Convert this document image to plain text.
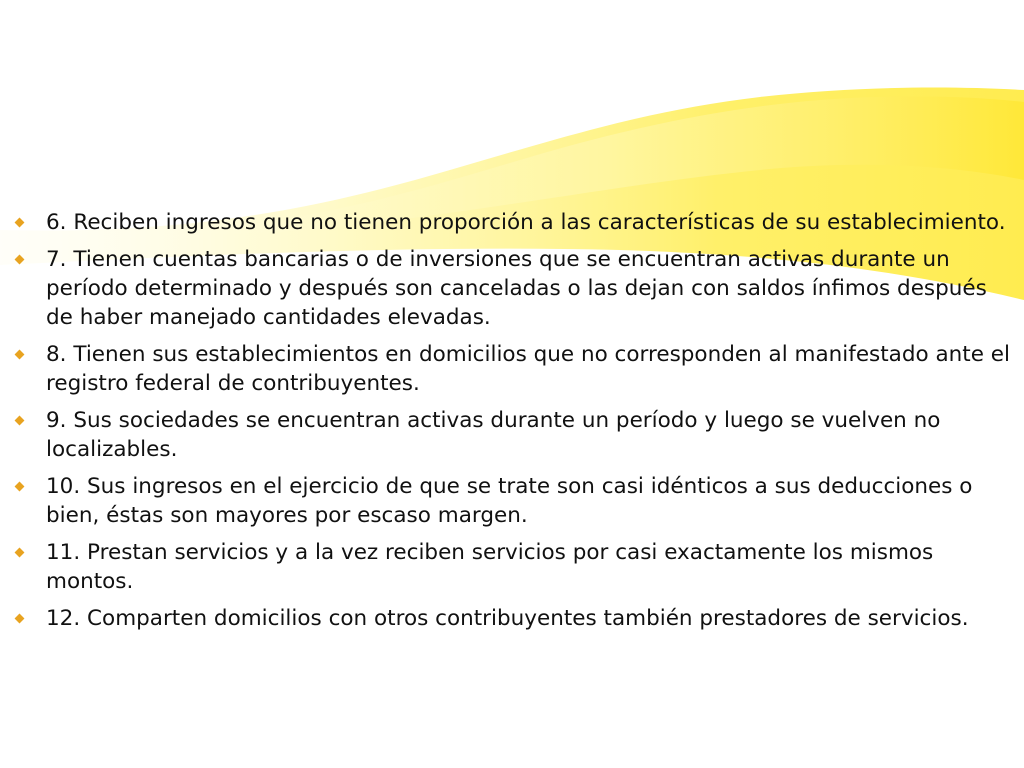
6. Reciben ingresos que no tienen proporción a las características de su establecimiento.
7. Tienen cuentas bancarias o de inversiones que se encuentran activas durante un período determinado y después son canceladas o las dejan con saldos ínfimos después de haber manejado cantidades elevadas.
8. Tienen sus establecimientos en domicilios que no corresponden al manifestado ante el registro federal de contribuyentes.
9. Sus sociedades se encuentran activas durante un período y luego se vuelven no localizables.
10. Sus ingresos en el ejercicio de que se trate son casi idénticos a sus deducciones o bien, éstas son mayores por escaso margen.
11. Prestan servicios y a la vez reciben servicios por casi exactamente los mismos montos.
12. Comparten domicilios con otros contribuyentes también prestadores de servicios.
